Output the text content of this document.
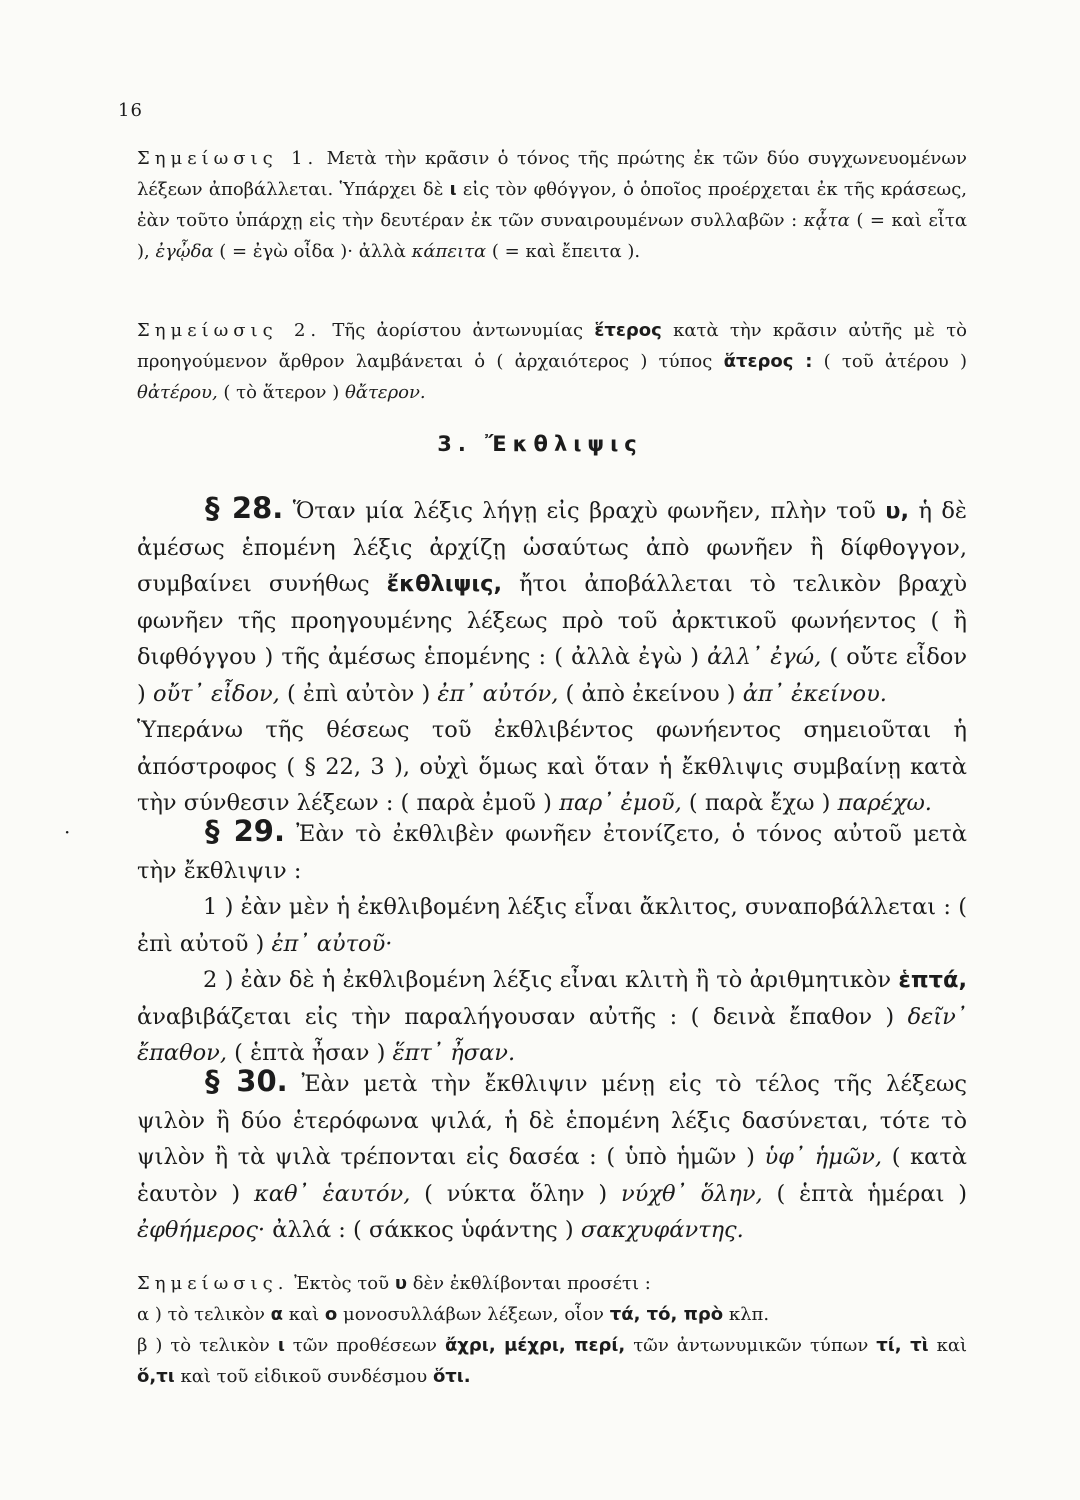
16

Σημείωσις 1. Μετὰ τὴν κρᾶσιν ὁ τόνος τῆς πρώτης ἐκ τῶν δύο συγχωνευομένων λέξεων ἀποβάλλεται. Ὑπάρχει δὲ ι εἰς τὸν φθόγγον, ὁ ὁποῖος προέρχεται ἐκ τῆς κράσεως, ἐὰν τοῦτο ὑπάρχῃ εἰς τὴν δευτέραν ἐκ τῶν συναιρουμένων συλλαβῶν : κᾆτα ( = καὶ εἶτα ), ἐγᾦδα ( = ἐγὼ οἶδα )· ἀλλὰ κάπειτα ( = καὶ ἔπειτα ).

Σημείωσις 2. Τῆς ἀορίστου ἀντωνυμίας ἕτερος κατὰ τὴν κρᾶσιν αὐτῆς μὲ τὸ προηγούμενον ἄρθρον λαμβάνεται ὁ ( ἀρχαιότερος ) τύπος ἅτερος : ( τοῦ ἀτέρου ) θἀτέρου, ( τὸ ἅτερον ) θἄτερον.

3. Ἔκθλιψις
·

§ 28. Ὅταν μία λέξις λήγῃ εἰς βραχὺ φωνῆεν, πλὴν τοῦ υ, ἡ δὲ ἀμέσως ἑπομένη λέξις ἀρχίζῃ ὡσαύτως ἀπὸ φωνῆεν ἢ δίφθογγον, συμβαίνει συνήθως ἔκθλιψις, ἤτοι ἀποβάλλεται τὸ τελικὸν βραχὺ φωνῆεν τῆς προηγουμένης λέξεως πρὸ τοῦ ἀρκτικοῦ φωνήεντος ( ἢ διφθόγγου ) τῆς ἀμέσως ἑπομένης : ( ἀλλὰ ἐγὼ ) ἀλλ᾽ ἐγώ, ( οὔτε εἶδον ) οὔτ᾽ εἶδον, ( ἐπὶ αὐτὸν ) ἐπ᾽ αὐτόν, ( ἀπὸ ἐκείνου ) ἀπ᾽ ἐκείνου.

Ὑπεράνω τῆς θέσεως τοῦ ἐκθλιβέντος φωνήεντος σημειοῦται ἡ ἀπόστροφος ( § 22, 3 ), οὐχὶ ὅμως καὶ ὅταν ἡ ἔκθλιψις συμβαίνῃ κατὰ τὴν σύνθεσιν λέξεων : ( παρὰ ἐμοῦ ) παρ᾽ ἐμοῦ, ( παρὰ ἔχω ) παρέχω.

§ 29. Ἐὰν τὸ ἐκθλιβὲν φωνῆεν ἐτονίζετο, ὁ τόνος αὐτοῦ μετὰ τὴν ἔκθλιψιν :

1 ) ἐὰν μὲν ἡ ἐκθλιβομένη λέξις εἶναι ἄκλιτος, συναποβάλλεται : ( ἐπὶ αὐτοῦ ) ἐπ᾽ αὐτοῦ·

2 ) ἐὰν δὲ ἡ ἐκθλιβομένη λέξις εἶναι κλιτὴ ἢ τὸ ἀριθμητικὸν ἑπτά, ἀναβιβάζεται εἰς τὴν παραλήγουσαν αὐτῆς : ( δεινὰ ἔπαθον ) δεῖν᾽ ἔπαθον, ( ἑπτὰ ἦσαν ) ἕπτ᾽ ἦσαν.

§ 30. Ἐὰν μετὰ τὴν ἔκθλιψιν μένῃ εἰς τὸ τέλος τῆς λέξεως ψιλὸν ἢ δύο ἑτερόφωνα ψιλά, ἡ δὲ ἑπομένη λέξις δασύνεται, τότε τὸ ψιλὸν ἢ τὰ ψιλὰ τρέπονται εἰς δασέα : ( ὑπὸ ἡμῶν ) ὑφ᾽ ἡμῶν, ( κατὰ ἑαυτὸν ) καθ᾽ ἑαυτόν, ( νύκτα ὅλην ) νύχθ᾽ ὅλην, ( ἑπτὰ ἡμέραι ) ἐφθήμερος· ἀλλά : ( σάκκος ὑφάντης ) σακχυφάντης.

Σημείωσις. Ἐκτὸς τοῦ υ δὲν ἐκθλίβονται προσέτι :

α ) τὸ τελικὸν α καὶ ο μονοσυλλάβων λέξεων, οἷον τά, τό, πρὸ κλπ.

β ) τὸ τελικὸν ι τῶν προθέσεων ἄχρι, μέχρι, περί, τῶν ἀντωνυμικῶν τύπων τί, τὶ καὶ ὅ,τι καὶ τοῦ εἰδικοῦ συνδέσμου ὅτι.
